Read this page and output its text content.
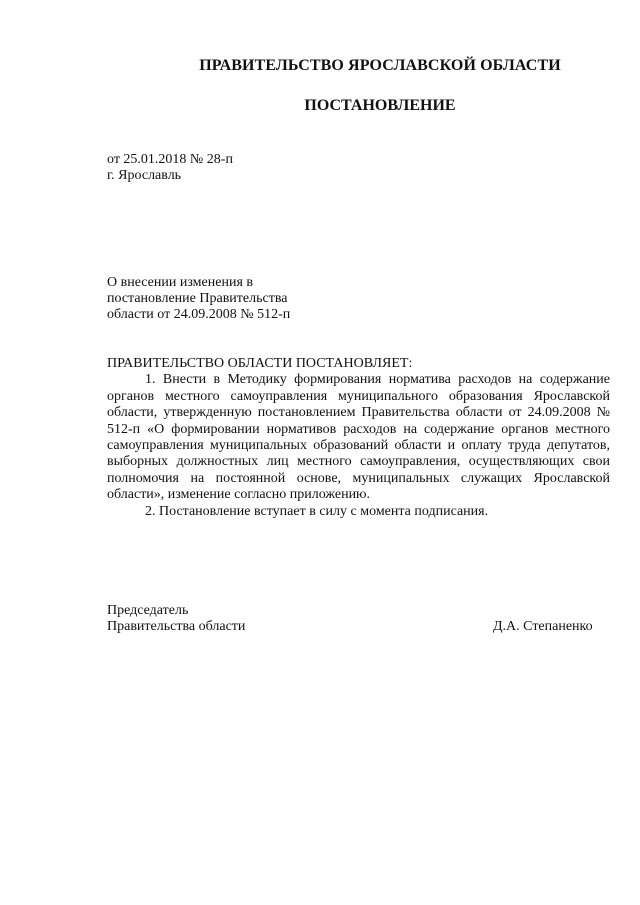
ПРАВИТЕЛЬСТВО ЯРОСЛАВСКОЙ ОБЛАСТИ
ПОСТАНОВЛЕНИЕ
от 25.01.2018 № 28-п
г. Ярославль
О внесении изменения в
постановление Правительства
области от 24.09.2008 № 512-п

ПРАВИТЕЛЬСТВО ОБЛАСТИ ПОСТАНОВЛЯЕТ:

1. Внести в Методику формирования норматива расходов на содержание органов местного самоуправления муниципального образования Ярославской области, утвержденную постановлением Правительства области от 24.09.2008 № 512-п «О формировании нормативов расходов на содержание органов местного самоуправления муниципальных образований области и оплату труда депутатов, выборных должностных лиц местного самоуправления, осуществляющих свои полномочия на постоянной основе, муниципальных служащих Ярославской области», изменение согласно приложению.

2. Постановление вступает в силу с момента подписания.

Председатель
Правительства области	Д.А. Степаненко
